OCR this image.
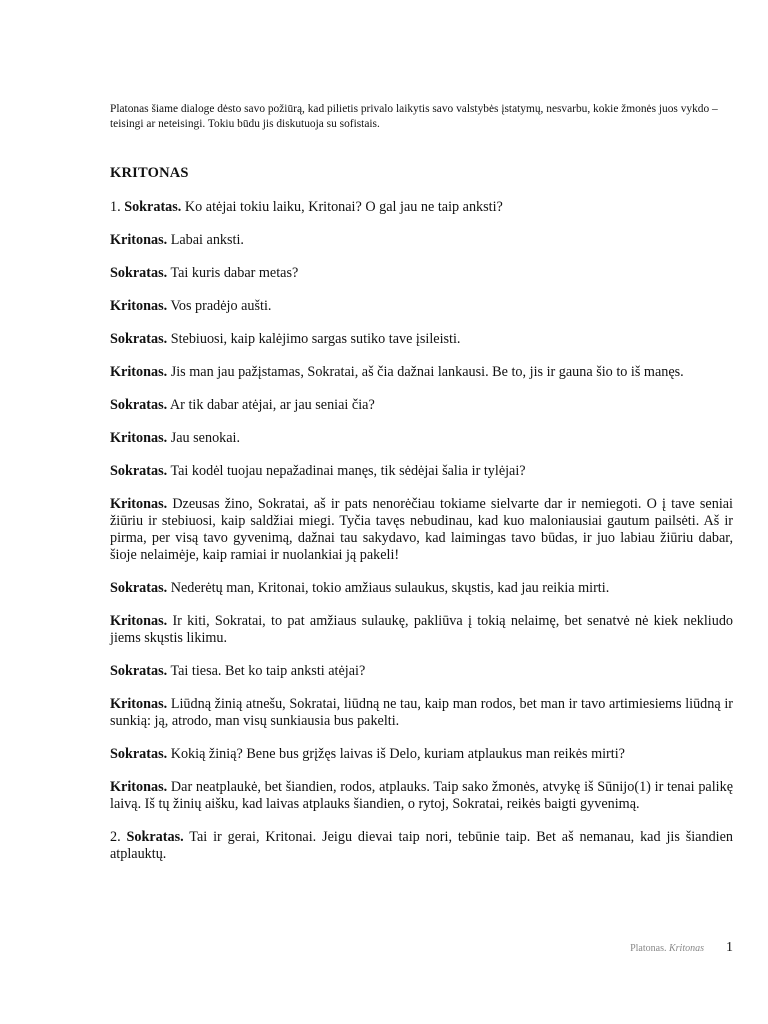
Platonas šiame dialoge dėsto savo požiūrą, kad pilietis privalo laikytis savo valstybės įstatymų, nesvarbu, kokie žmonės juos vykdo – teisingi ar neteisingi. Tokiu būdu jis diskutuoja su sofistais.

KRITONAS

1. Sokratas. Ko atėjai tokiu laiku, Kritonai? O gal jau ne taip anksti?

Kritonas. Labai anksti.

Sokratas. Tai kuris dabar metas?

Kritonas. Vos pradėjo aušti.

Sokratas. Stebiuosi, kaip kalėjimo sargas sutiko tave įsileisti.

Kritonas. Jis man jau pažįstamas, Sokratai, aš čia dažnai lankausi. Be to, jis ir gauna šio to iš manęs.

Sokratas. Ar tik dabar atėjai, ar jau seniai čia?

Kritonas. Jau senokai.

Sokratas. Tai kodėl tuojau nepažadinai manęs, tik sėdėjai šalia ir tylėjai?

Kritonas. Dzeusas žino, Sokratai, aš ir pats nenorėčiau tokiame sielvarte dar ir nemiegoti. O į tave seniai žiūriu ir stebiuosi, kaip saldžiai miegi. Tyčia tavęs nebudinau, kad kuo maloniausiai gautum pailsėti. Aš ir pirma, per visą tavo gyvenimą, dažnai tau sakydavo, kad laimingas tavo būdas, ir juo labiau žiūriu dabar, šioje nelaimėje, kaip ramiai ir nuolankiai ją pakeli!

Sokratas. Nederėtų man, Kritonai, tokio amžiaus sulaukus, skųstis, kad jau reikia mirti.

Kritonas. Ir kiti, Sokratai, to pat amžiaus sulaukę, pakliūva į tokią nelaimę, bet senatvė nė kiek nekliudo jiems skųstis likimu.

Sokratas. Tai tiesa. Bet ko taip anksti atėjai?

Kritonas. Liūdną žinią atnešu, Sokratai, liūdną ne tau, kaip man rodos, bet man ir tavo artimiesiems liūdną ir sunkią: ją, atrodo, man visų sunkiausia bus pakelti.

Sokratas. Kokią žinią? Bene bus grįžęs laivas iš Delo, kuriam atplaukus man reikės mirti?

Kritonas. Dar neatplaukė, bet šiandien, rodos, atplauks. Taip sako žmonės, atvykę iš Sūnijo(1) ir tenai palikę laivą. Iš tų žinių aišku, kad laivas atplauks šiandien, o rytoj, Sokratai, reikės baigti gyvenimą.

2. Sokratas. Tai ir gerai, Kritonai. Jeigu dievai taip nori, tebūnie taip. Bet aš nemanau, kad jis šiandien atplauktų.

Platonas. Kritonas 1
